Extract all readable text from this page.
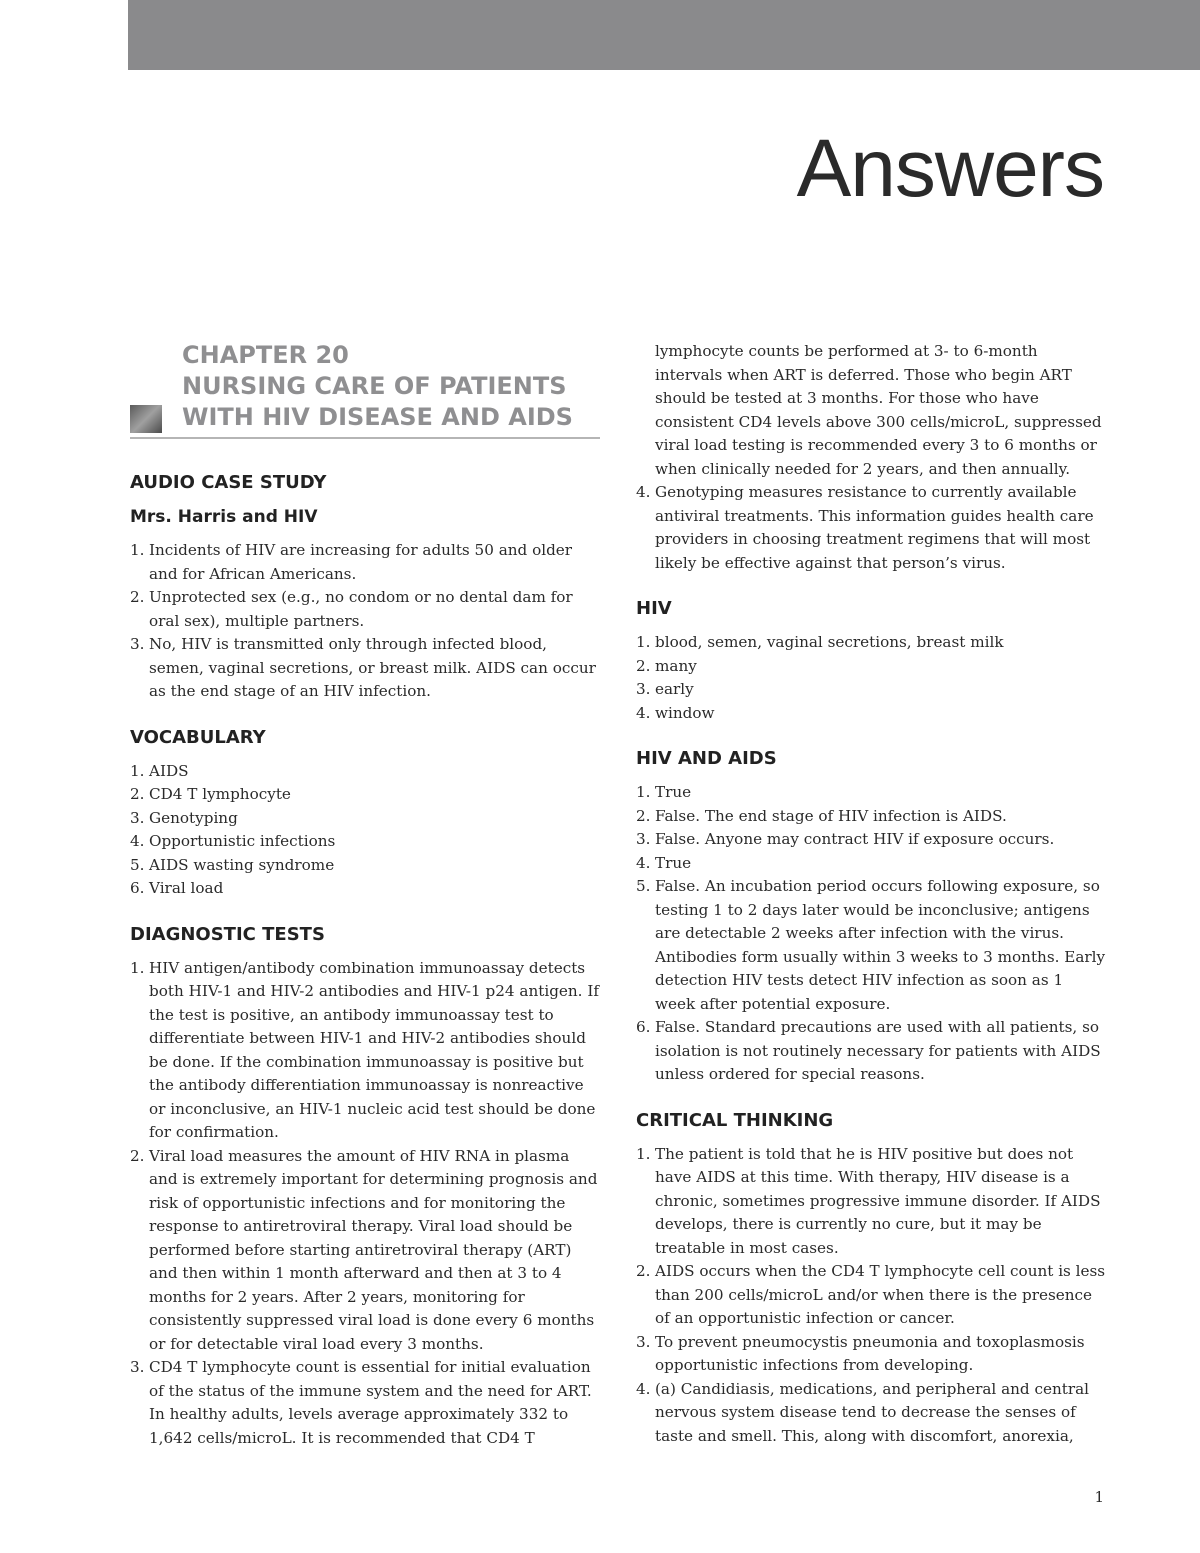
Answers
CHAPTER 20
NURSING CARE OF PATIENTS
WITH HIV DISEASE AND AIDS
AUDIO CASE STUDY
Mrs. Harris and HIV
1. Incidents of HIV are increasing for adults 50 and older and for African Americans.
2. Unprotected sex (e.g., no condom or no dental dam for oral sex), multiple partners.
3. No, HIV is transmitted only through infected blood, semen, vaginal secretions, or breast milk. AIDS can occur as the end stage of an HIV infection.
VOCABULARY
1. AIDS
2. CD4 T lymphocyte
3. Genotyping
4. Opportunistic infections
5. AIDS wasting syndrome
6. Viral load
DIAGNOSTIC TESTS
1. HIV antigen/antibody combination immunoassay detects both HIV-1 and HIV-2 antibodies and HIV-1 p24 antigen. If the test is positive, an antibody immunoassay test to differentiate between HIV-1 and HIV-2 antibodies should be done. If the combination immunoassay is positive but the antibody differentiation immunoassay is nonreactive or inconclusive, an HIV-1 nucleic acid test should be done for confirmation.
2. Viral load measures the amount of HIV RNA in plasma and is extremely important for determining prognosis and risk of opportunistic infections and for monitoring the response to antiretroviral therapy. Viral load should be performed before starting antiretroviral therapy (ART) and then within 1 month afterward and then at 3 to 4 months for 2 years. After 2 years, monitoring for consistently suppressed viral load is done every 6 months or for detectable viral load every 3 months.
3. CD4 T lymphocyte count is essential for initial evaluation of the status of the immune system and the need for ART. In healthy adults, levels average approximately 332 to 1,642 cells/microL. It is recommended that CD4 T
lymphocyte counts be performed at 3- to 6-month intervals when ART is deferred. Those who begin ART should be tested at 3 months. For those who have consistent CD4 levels above 300 cells/microL, suppressed viral load testing is recommended every 3 to 6 months or when clinically needed for 2 years, and then annually.
4. Genotyping measures resistance to currently available antiviral treatments. This information guides health care providers in choosing treatment regimens that will most likely be effective against that person’s virus.
HIV
1. blood, semen, vaginal secretions, breast milk
2. many
3. early
4. window
HIV AND AIDS
1. True
2. False. The end stage of HIV infection is AIDS.
3. False. Anyone may contract HIV if exposure occurs.
4. True
5. False. An incubation period occurs following exposure, so testing 1 to 2 days later would be inconclusive; antigens are detectable 2 weeks after infection with the virus. Antibodies form usually within 3 weeks to 3 months. Early detection HIV tests detect HIV infection as soon as 1 week after potential exposure.
6. False. Standard precautions are used with all patients, so isolation is not routinely necessary for patients with AIDS unless ordered for special reasons.
CRITICAL THINKING
1. The patient is told that he is HIV positive but does not have AIDS at this time. With therapy, HIV disease is a chronic, sometimes progressive immune disorder. If AIDS develops, there is currently no cure, but it may be treatable in most cases.
2. AIDS occurs when the CD4 T lymphocyte cell count is less than 200 cells/microL and/or when there is the presence of an opportunistic infection or cancer.
3. To prevent pneumocystis pneumonia and toxoplasmosis opportunistic infections from developing.
4. (a) Candidiasis, medications, and peripheral and central nervous system disease tend to decrease the senses of taste and smell. This, along with discomfort, anorexia,
1
